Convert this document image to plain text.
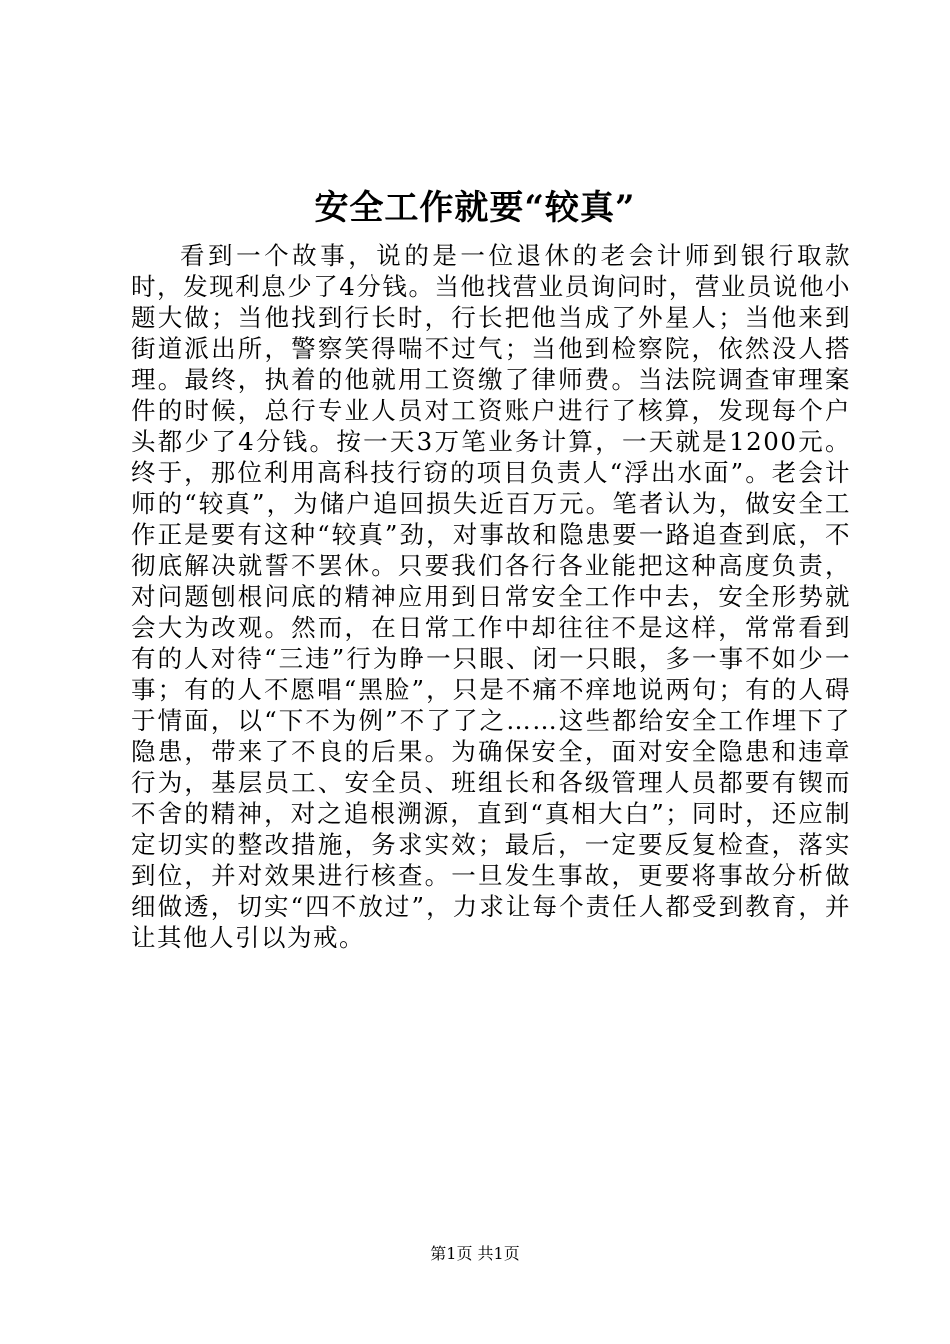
安全工作就要“较真”

看到一个故事，说的是一位退休的老会计师到银行取款时，发现利息少了4分钱。当他找营业员询问时，营业员说他小题大做；当他找到行长时，行长把他当成了外星人；当他来到街道派出所，警察笑得喘不过气；当他到检察院，依然没人搭理。最终，执着的他就用工资缴了律师费。当法院调查审理案件的时候，总行专业人员对工资账户进行了核算，发现每个户头都少了4分钱。按一天3万笔业务计算，一天就是1200元。终于，那位利用高科技行窃的项目负责人“浮出水面”。老会计师的“较真”，为储户追回损失近百万元。笔者认为，做安全工作正是要有这种“较真”劲，对事故和隐患要一路追查到底，不彻底解决就誓不罢休。只要我们各行各业能把这种高度负责，对问题刨根问底的精神应用到日常安全工作中去，安全形势就会大为改观。然而，在日常工作中却往往不是这样，常常看到有的人对待“三违”行为睁一只眼、闭一只眼，多一事不如少一事；有的人不愿唱“黑脸”，只是不痛不痒地说两句；有的人碍于情面，以“下不为例”不了了之……这些都给安全工作埋下了隐患，带来了不良的后果。为确保安全，面对安全隐患和违章行为，基层员工、安全员、班组长和各级管理人员都要有锲而不舍的精神，对之追根溯源，直到“真相大白”；同时，还应制定切实的整改措施，务求实效；最后，一定要反复检查，落实到位，并对效果进行核查。一旦发生事故，更要将事故分析做细做透，切实“四不放过”，力求让每个责任人都受到教育，并让其他人引以为戒。

第1页 共1页
